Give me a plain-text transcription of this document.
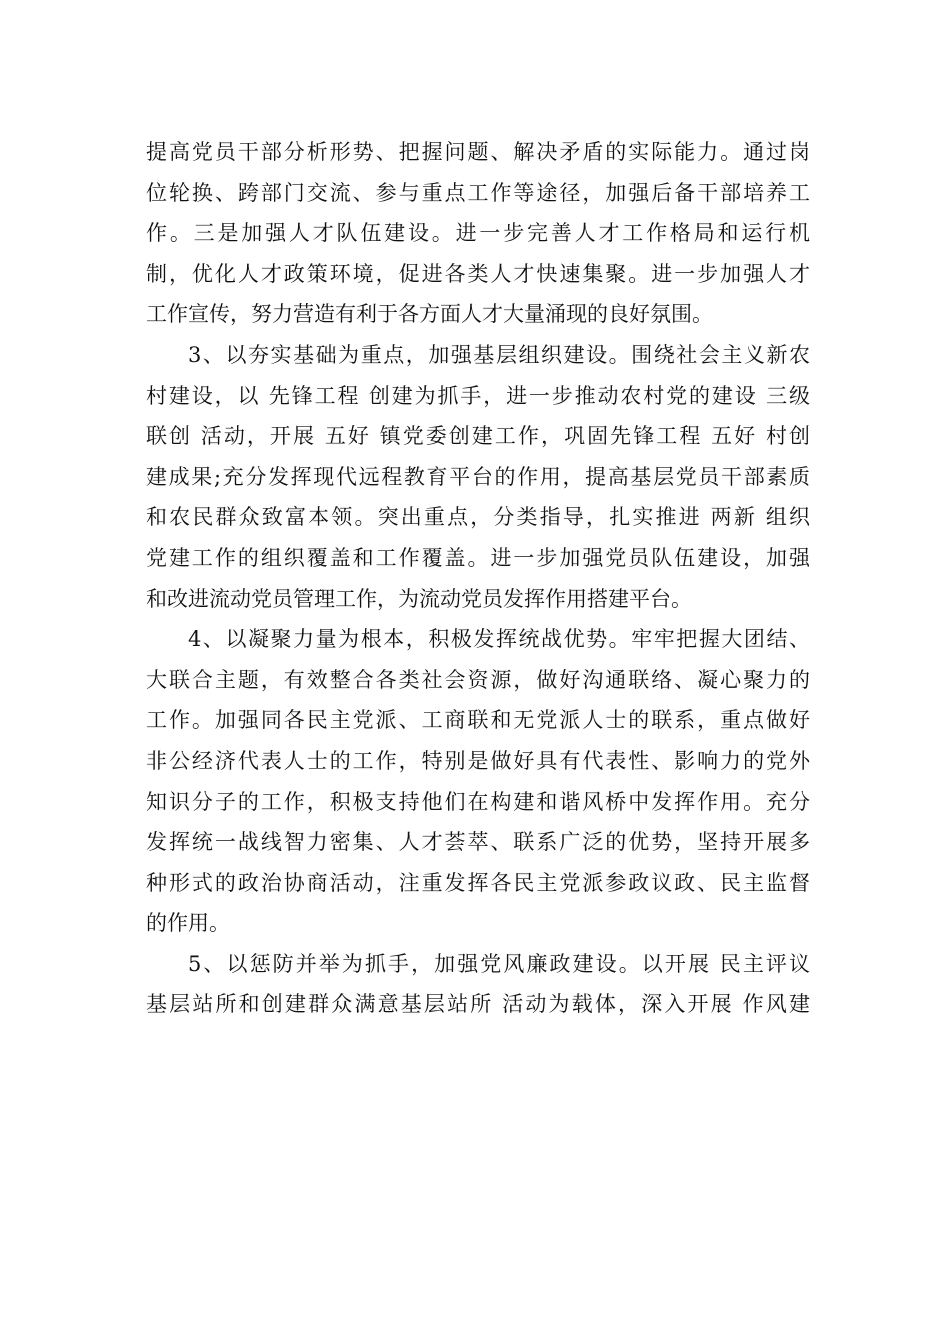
提高党员干部分析形势、把握问题、解决矛盾的实际能力。通过岗
位轮换、跨部门交流、参与重点工作等途径，加强后备干部培养工
作。三是加强人才队伍建设。进一步完善人才工作格局和运行机
制，优化人才政策环境，促进各类人才快速集聚。进一步加强人才
工作宣传，努力营造有利于各方面人才大量涌现的良好氛围。
3、以夯实基础为重点，加强基层组织建设。围绕社会主义新农
村建设，以 先锋工程 创建为抓手，进一步推动农村党的建设 三级
联创 活动，开展 五好 镇党委创建工作，巩固先锋工程 五好 村创
建成果;充分发挥现代远程教育平台的作用，提高基层党员干部素质
和农民群众致富本领。突出重点，分类指导，扎实推进 两新 组织
党建工作的组织覆盖和工作覆盖。进一步加强党员队伍建设，加强
和改进流动党员管理工作，为流动党员发挥作用搭建平台。
4、以凝聚力量为根本，积极发挥统战优势。牢牢把握大团结、
大联合主题，有效整合各类社会资源，做好沟通联络、凝心聚力的
工作。加强同各民主党派、工商联和无党派人士的联系，重点做好
非公经济代表人士的工作，特别是做好具有代表性、影响力的党外
知识分子的工作，积极支持他们在构建和谐风桥中发挥作用。充分
发挥统一战线智力密集、人才荟萃、联系广泛的优势，坚持开展多
种形式的政治协商活动，注重发挥各民主党派参政议政、民主监督
的作用。
5、以惩防并举为抓手，加强党风廉政建设。以开展 民主评议
基层站所和创建群众满意基层站所 活动为载体，深入开展 作风建
